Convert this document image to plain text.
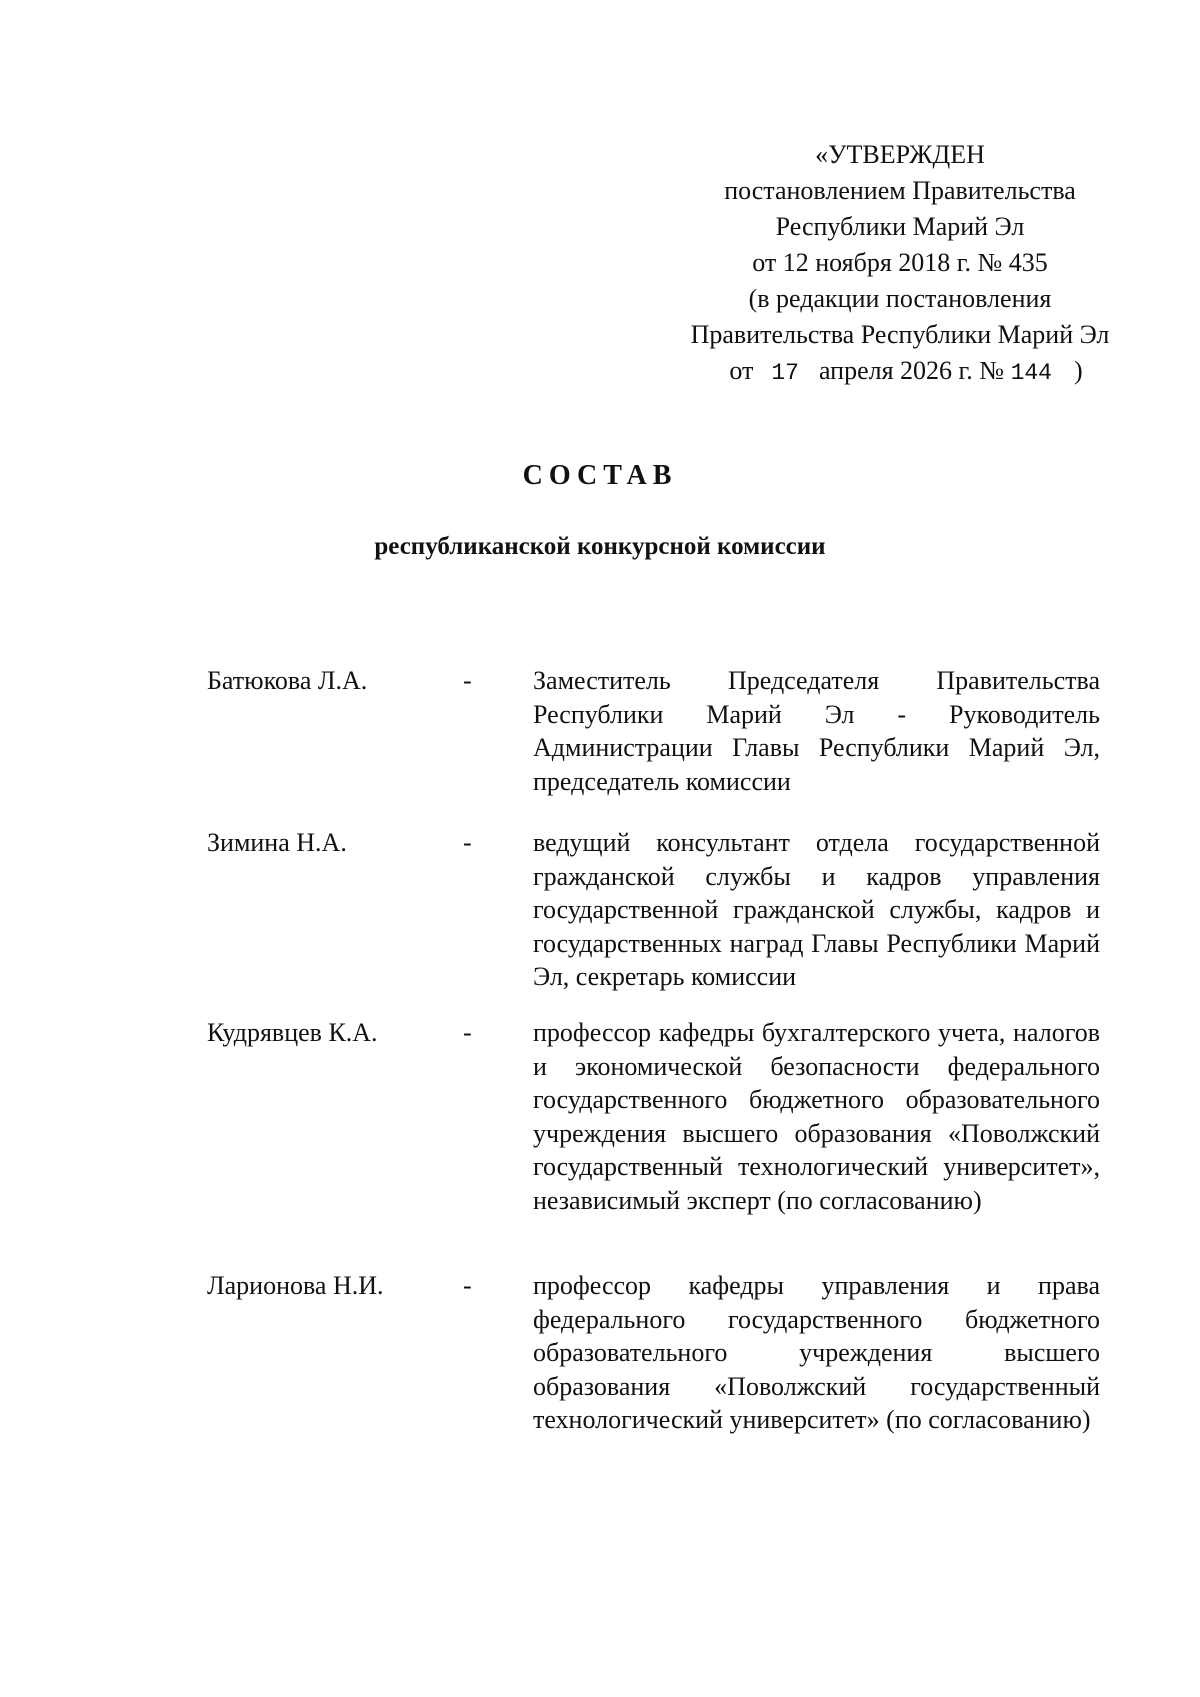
«УТВЕРЖДЕН
постановлением Правительства
Республики Марий Эл
от 12 ноября 2018 г. № 435
(в редакции постановления
Правительства Республики Марий Эл
от 17 апреля 2026 г. № 144 )
СОСТАВ
республиканской конкурсной комиссии
Батюкова Л.А.	- Заместитель Председателя Правительства Республики Марий Эл - Руководитель Администрации Главы Республики Марий Эл, председатель комиссии
Зимина Н.А.	- ведущий консультант отдела государственной гражданской службы и кадров управления государственной гражданской службы, кадров и государственных наград Главы Республики Марий Эл, секретарь комиссии
Кудрявцев К.А.	- профессор кафедры бухгалтерского учета, налогов и экономической безопасности федерального государственного бюджетного образовательного учреждения высшего образования «Поволжский государственный технологический университет», независимый эксперт (по согласованию)
Ларионова Н.И.	- профессор кафедры управления и права федерального государственного бюджетного образовательного учреждения высшего образования «Поволжский государственный технологический университет» (по согласованию)
